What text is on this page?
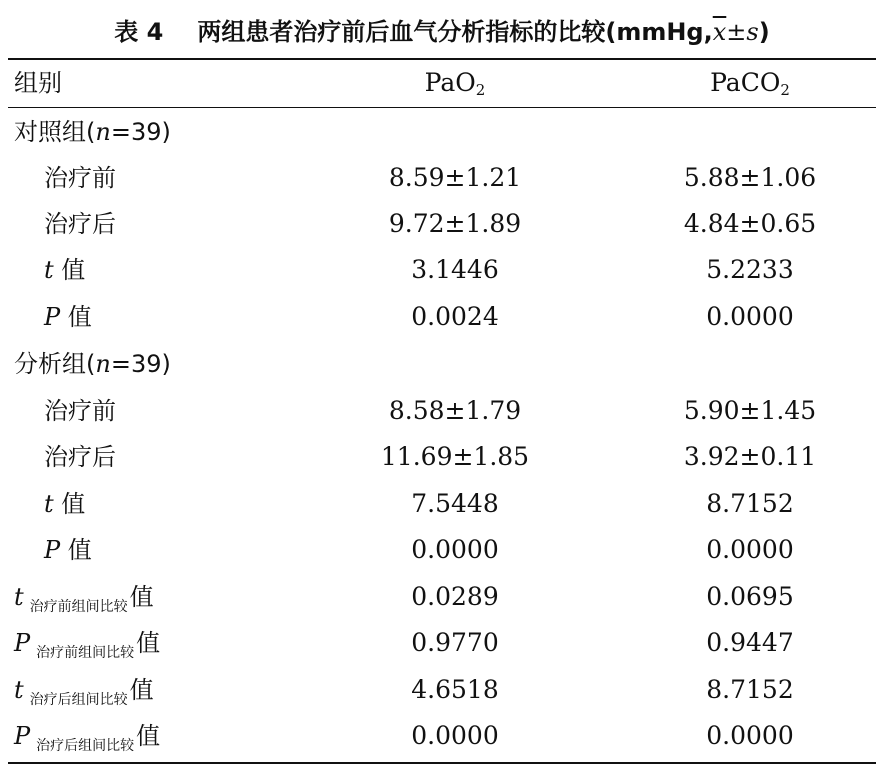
表 4 两组患者治疗前后血气分析指标的比较$(mmHg,\overline{x}\pm s)$
组别	PaO$_2$	PaCO$_2$
对照组(n=39)
治疗前	8.59±1.21	5.88±1.06
治疗后	9.72±1.89	4.84±0.65
t 值	3.1446	5.2233
P 值	0.0024	0.0000
分析组(n=39)
治疗前	8.58±1.79	5.90±1.45
治疗后	11.69±1.85	3.92±0.11
t 值	7.5448	8.7152
P 值	0.0000	0.0000
t $_{治疗前组间比较}$值	0.0289	0.0695
P $_{治疗前组间比较}$值	0.9770	0.9447
t $_{治疗后组间比较}$值	4.6518	8.7152
P $_{治疗后组间比较}$值	0.0000	0.0000
